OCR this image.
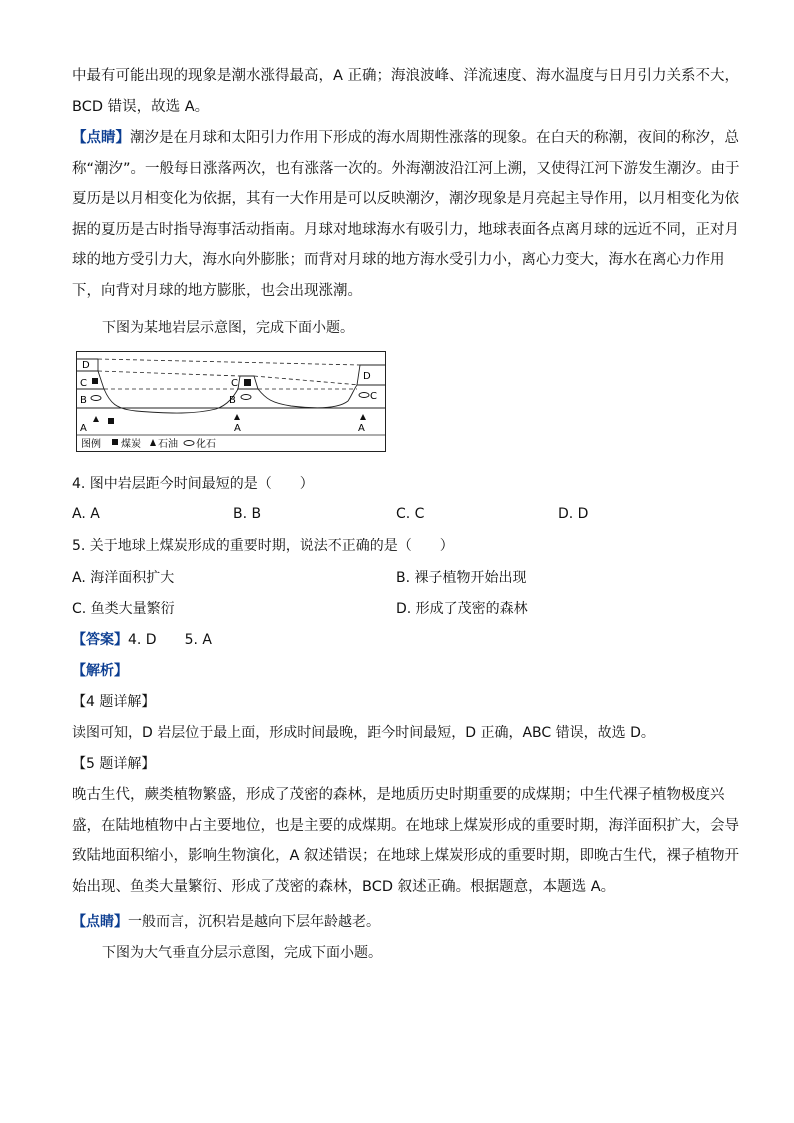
中最有可能出现的现象是潮水涨得最高，A 正确；海浪波峰、洋流速度、海水温度与日月引力关系不大，
BCD 错误，故选 A。

【点睛】潮汐是在月球和太阳引力作用下形成的海水周期性涨落的现象。在白天的称潮，夜间的称汐，总
称“潮汐”。一般每日涨落两次，也有涨落一次的。外海潮波沿江河上溯，又使得江河下游发生潮汐。由于
夏历是以月相变化为依据，其有一大作用是可以反映潮汐，潮汐现象是月亮起主导作用，以月相变化为依
据的夏历是古时指导海事活动指南。月球对地球海水有吸引力，地球表面各点离月球的远近不同，正对月
球的地方受引力大，海水向外膨胀；而背对月球的地方海水受引力小，离心力变大，海水在离心力作用
下，向背对月球的地方膨胀，也会出现涨潮。

下图为某地岩层示意图，完成下面小题。
D
C
B
A
C
B
A
D
C
A
图例 煤炭 石油 化石
4. 图中岩层距今时间最短的是（　　）
A. A	B. B	C. C	D. D
5. 关于地球上煤炭形成的重要时期，说法不正确的是（　　）
A. 海洋面积扩大	B. 裸子植物开始出现
C. 鱼类大量繁衍	D. 形成了茂密的森林
【答案】4. D　　5. A
【解析】
【4 题详解】
读图可知，D 岩层位于最上面，形成时间最晚，距今时间最短，D 正确，ABC 错误，故选 D。
【5 题详解】

晚古生代，蕨类植物繁盛，形成了茂密的森林，是地质历史时期重要的成煤期；中生代裸子植物极度兴
盛，在陆地植物中占主要地位，也是主要的成煤期。在地球上煤炭形成的重要时期，海洋面积扩大，会导
致陆地面积缩小，影响生物演化，A 叙述错误；在地球上煤炭形成的重要时期，即晚古生代，裸子植物开
始出现、鱼类大量繁衍、形成了茂密的森林，BCD 叙述正确。根据题意，本题选 A。

【点睛】一般而言，沉积岩是越向下层年龄越老。
下图为大气垂直分层示意图，完成下面小题。
